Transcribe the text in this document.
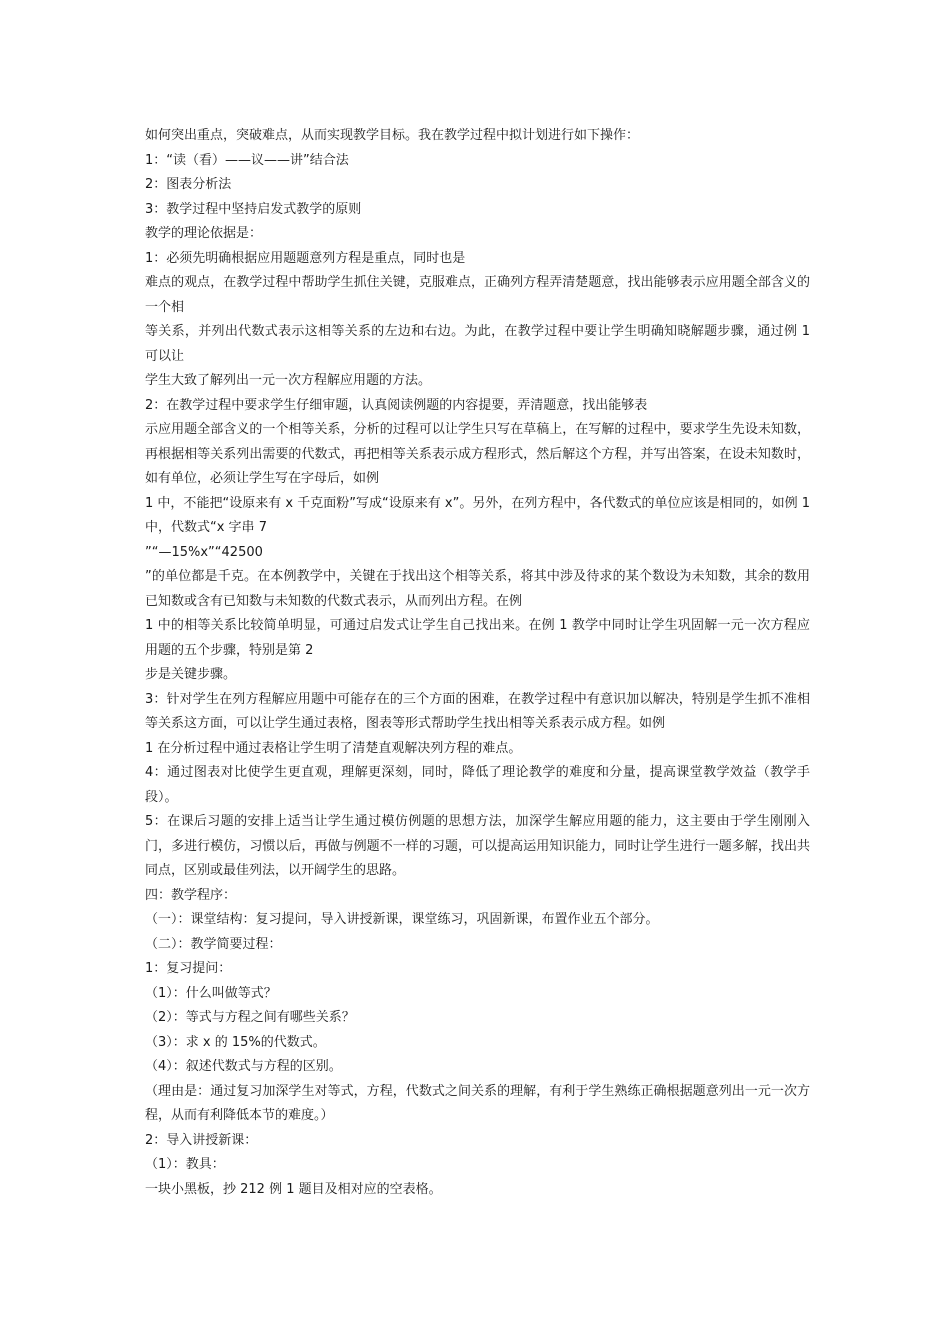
如何突出重点，突破难点，从而实现教学目标。我在教学过程中拟计划进行如下操作：

1：“读（看）——议——讲”结合法

2：图表分析法

3：教学过程中坚持启发式教学的原则

教学的理论依据是：

1：必须先明确根据应用题题意列方程是重点，同时也是

难点的观点，在教学过程中帮助学生抓住关键，克服难点，正确列方程弄清楚题意，找出能够表示应用题全部含义的一个相

等关系，并列出代数式表示这相等关系的左边和右边。为此，在教学过程中要让学生明确知晓解题步骤，通过例 1 可以让

学生大致了解列出一元一次方程解应用题的方法。

2：在教学过程中要求学生仔细审题，认真阅读例题的内容提要，弄清题意，找出能够表

示应用题全部含义的一个相等关系，分析的过程可以让学生只写在草稿上，在写解的过程中，要求学生先设未知数，再根据相等关系列出需要的代数式，再把相等关系表示成方程形式，然后解这个方程，并写出答案，在设未知数时，如有单位，必须让学生写在字母后，如例

1 中，不能把“设原来有 x 千克面粉”写成“设原来有 x”。另外，在列方程中，各代数式的单位应该是相同的，如例 1 中，代数式“x 字串 7

”“—15%x”“42500

”的单位都是千克。在本例教学中，关键在于找出这个相等关系，将其中涉及待求的某个数设为未知数，其余的数用已知数或含有已知数与未知数的代数式表示，从而列出方程。在例

1 中的相等关系比较简单明显，可通过启发式让学生自己找出来。在例 1 教学中同时让学生巩固解一元一次方程应用题的五个步骤，特别是第 2

步是关键步骤。

3：针对学生在列方程解应用题中可能存在的三个方面的困难，在教学过程中有意识加以解决，特别是学生抓不准相等关系这方面，可以让学生通过表格，图表等形式帮助学生找出相等关系表示成方程。如例

1 在分析过程中通过表格让学生明了清楚直观解决列方程的难点。

4：通过图表对比使学生更直观，理解更深刻，同时，降低了理论教学的难度和分量，提高课堂教学效益（教学手段）。

5：在课后习题的安排上适当让学生通过模仿例题的思想方法，加深学生解应用题的能力，这主要由于学生刚刚入门，多进行模仿，习惯以后，再做与例题不一样的习题，可以提高运用知识能力，同时让学生进行一题多解，找出共同点，区别或最佳列法，以开阔学生的思路。

四：教学程序：

（一）：课堂结构：复习提问，导入讲授新课，课堂练习，巩固新课，布置作业五个部分。

（二）：教学简要过程：

1：复习提问：

（1）：什么叫做等式？

（2）：等式与方程之间有哪些关系？

（3）：求 x 的 15%的代数式。

（4）：叙述代数式与方程的区别。

（理由是：通过复习加深学生对等式，方程，代数式之间关系的理解，有利于学生熟练正确根据题意列出一元一次方程，从而有利降低本节的难度。）

2：导入讲授新课：

（1）：教具：

一块小黑板，抄 212 例 1 题目及相对应的空表格。
